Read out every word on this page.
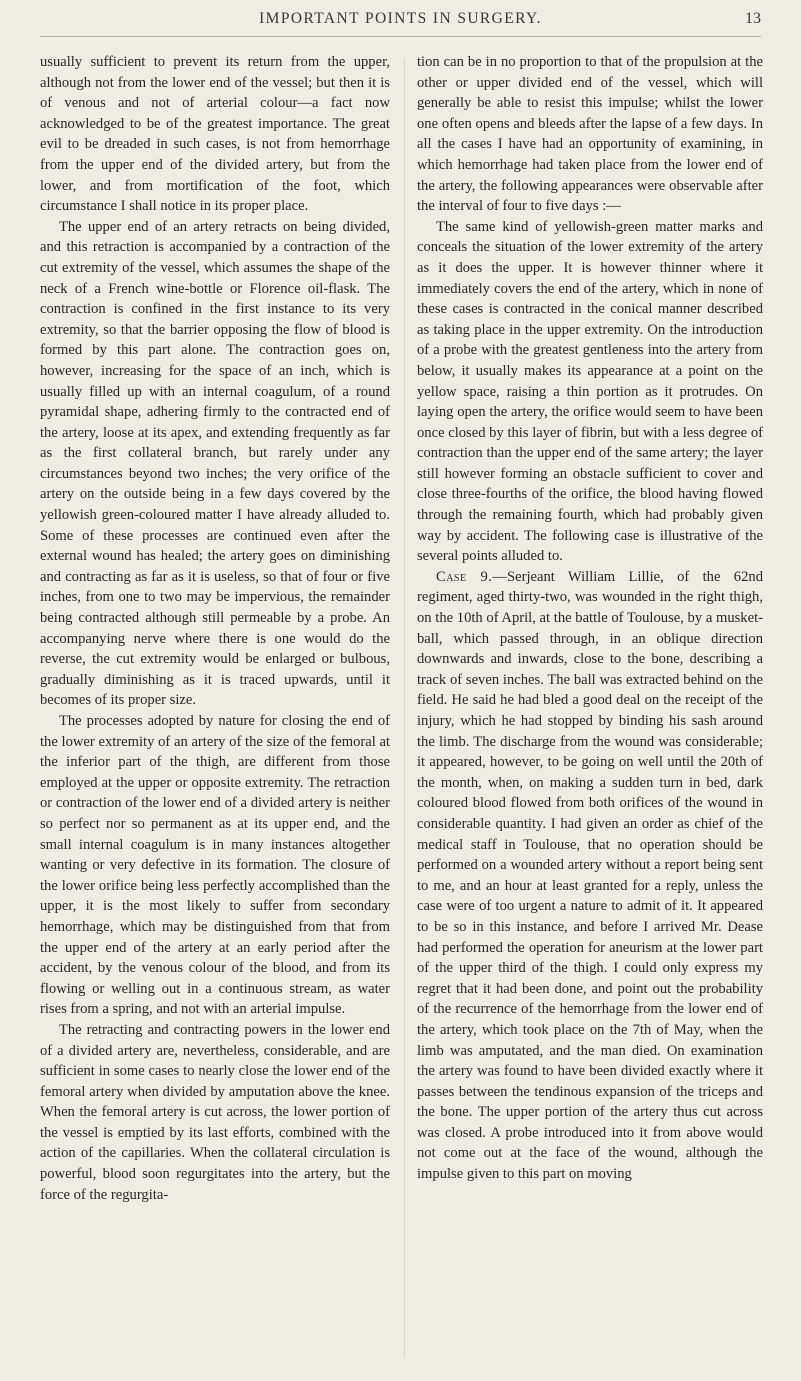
IMPORTANT POINTS IN SURGERY.	13

usually sufficient to prevent its return from the upper, although not from the lower end of the vessel; but then it is of venous and not of arterial colour—a fact now acknowledged to be of the greatest importance. The great evil to be dreaded in such cases, is not from hemorrhage from the upper end of the divided artery, but from the lower, and from mortification of the foot, which circumstance I shall notice in its proper place.

The upper end of an artery retracts on being divided, and this retraction is accompanied by a contraction of the cut extremity of the vessel, which assumes the shape of the neck of a French wine-bottle or Florence oil-flask. The contraction is confined in the first instance to its very extremity, so that the barrier opposing the flow of blood is formed by this part alone. The contraction goes on, however, increasing for the space of an inch, which is usually filled up with an internal coagulum, of a round pyramidal shape, adhering firmly to the contracted end of the artery, loose at its apex, and extending frequently as far as the first collateral branch, but rarely under any circumstances beyond two inches; the very orifice of the artery on the outside being in a few days covered by the yellowish green-coloured matter I have already alluded to. Some of these processes are continued even after the external wound has healed; the artery goes on diminishing and contracting as far as it is useless, so that of four or five inches, from one to two may be impervious, the remainder being contracted although still permeable by a probe. An accompanying nerve where there is one would do the reverse, the cut extremity would be enlarged or bulbous, gradually diminishing as it is traced upwards, until it becomes of its proper size.

The processes adopted by nature for closing the end of the lower extremity of an artery of the size of the femoral at the inferior part of the thigh, are different from those employed at the upper or opposite extremity. The retraction or contraction of the lower end of a divided artery is neither so perfect nor so permanent as at its upper end, and the small internal coagulum is in many instances altogether wanting or very defective in its formation. The closure of the lower orifice being less perfectly accomplished than the upper, it is the most likely to suffer from secondary hemorrhage, which may be distinguished from that from the upper end of the artery at an early period after the accident, by the venous colour of the blood, and from its flowing or welling out in a continuous stream, as water rises from a spring, and not with an arterial impulse.

The retracting and contracting powers in the lower end of a divided artery are, nevertheless, considerable, and are sufficient in some cases to nearly close the lower end of the femoral artery when divided by amputation above the knee. When the femoral artery is cut across, the lower portion of the vessel is emptied by its last efforts, combined with the action of the capillaries. When the collateral circulation is powerful, blood soon regurgitates into the artery, but the force of the regurgita-

tion can be in no proportion to that of the propulsion at the other or upper divided end of the vessel, which will generally be able to resist this impulse; whilst the lower one often opens and bleeds after the lapse of a few days. In all the cases I have had an opportunity of examining, in which hemorrhage had taken place from the lower end of the artery, the following appearances were observable after the interval of four to five days :—

The same kind of yellowish-green matter marks and conceals the situation of the lower extremity of the artery as it does the upper. It is however thinner where it immediately covers the end of the artery, which in none of these cases is contracted in the conical manner described as taking place in the upper extremity. On the introduction of a probe with the greatest gentleness into the artery from below, it usually makes its appearance at a point on the yellow space, raising a thin portion as it protrudes. On laying open the artery, the orifice would seem to have been once closed by this layer of fibrin, but with a less degree of contraction than the upper end of the same artery; the layer still however forming an obstacle sufficient to cover and close three-fourths of the orifice, the blood having flowed through the remaining fourth, which had probably given way by accident. The following case is illustrative of the several points alluded to.

Case 9.—Serjeant William Lillie, of the 62nd regiment, aged thirty-two, was wounded in the right thigh, on the 10th of April, at the battle of Toulouse, by a musket-ball, which passed through, in an oblique direction downwards and inwards, close to the bone, describing a track of seven inches. The ball was extracted behind on the field. He said he had bled a good deal on the receipt of the injury, which he had stopped by binding his sash around the limb. The discharge from the wound was considerable; it appeared, however, to be going on well until the 20th of the month, when, on making a sudden turn in bed, dark coloured blood flowed from both orifices of the wound in considerable quantity. I had given an order as chief of the medical staff in Toulouse, that no operation should be performed on a wounded artery without a report being sent to me, and an hour at least granted for a reply, unless the case were of too urgent a nature to admit of it. It appeared to be so in this instance, and before I arrived Mr. Dease had performed the operation for aneurism at the lower part of the upper third of the thigh. I could only express my regret that it had been done, and point out the probability of the recurrence of the hemorrhage from the lower end of the artery, which took place on the 7th of May, when the limb was amputated, and the man died. On examination the artery was found to have been divided exactly where it passes between the tendinous expansion of the triceps and the bone. The upper portion of the artery thus cut across was closed. A probe introduced into it from above would not come out at the face of the wound, although the impulse given to this part on moving
